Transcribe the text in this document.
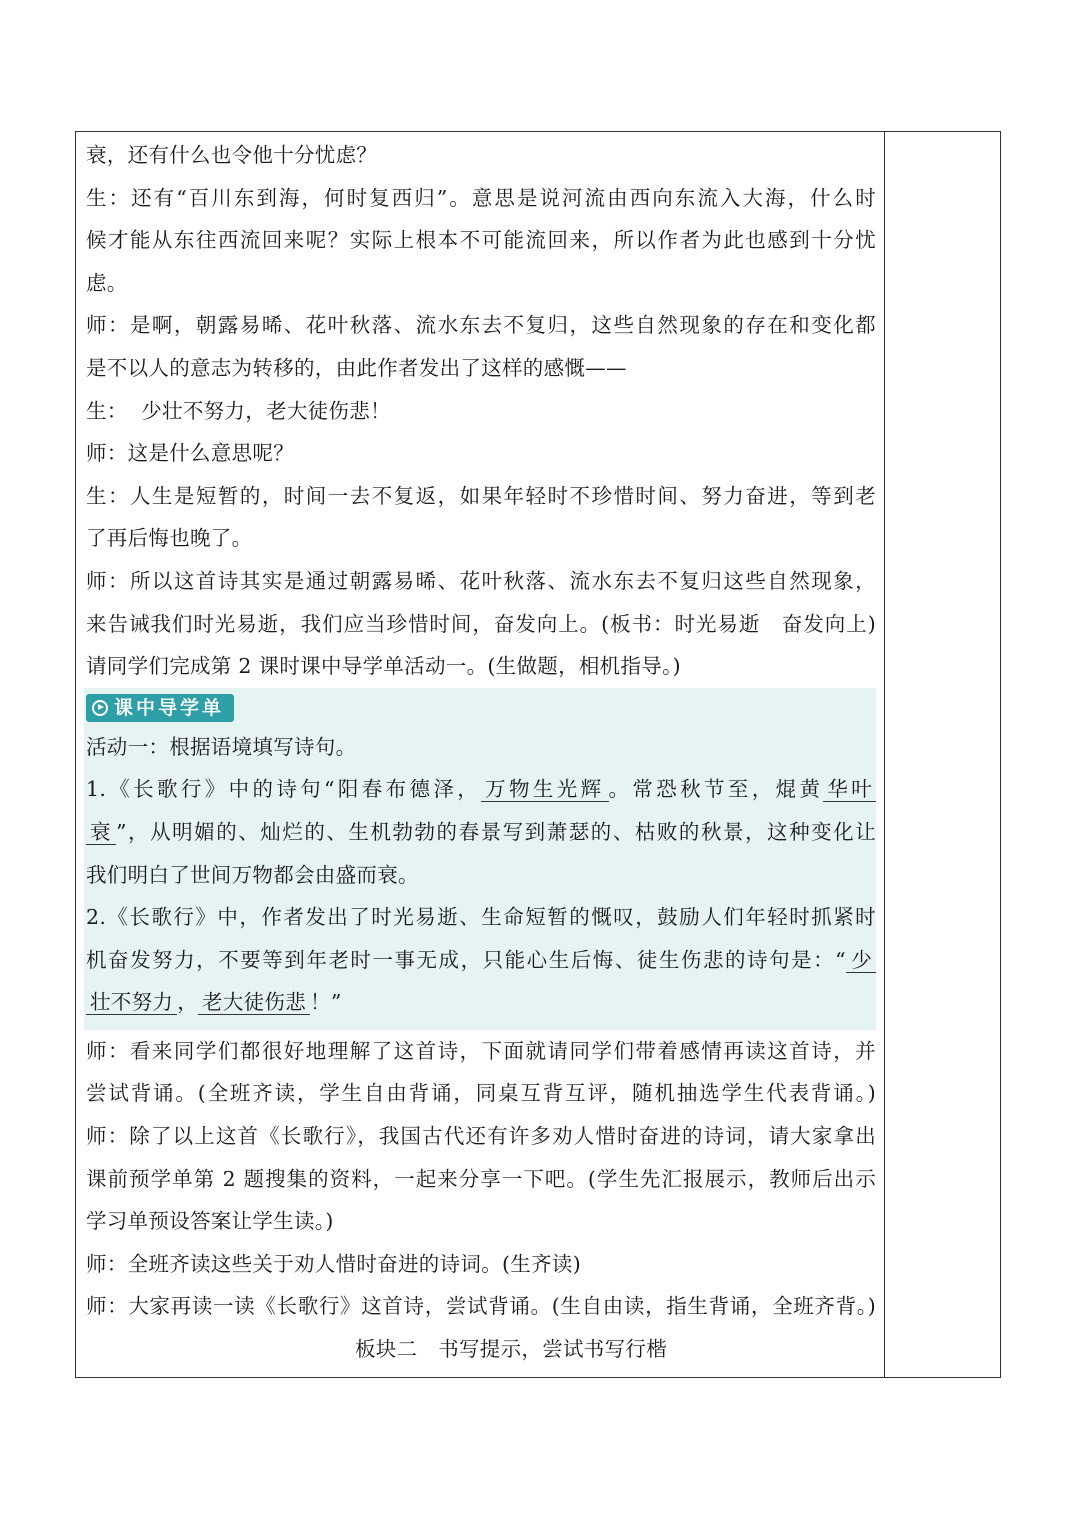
衰，还有什么也令他十分忧虑？
生：还有“百川东到海，何时复西归”。意思是说河流由西向东流入大海，什么时
候才能从东往西流回来呢？实际上根本不可能流回来，所以作者为此也感到十分忧
虑。
师：是啊，朝露易晞、花叶秋落、流水东去不复归，这些自然现象的存在和变化都
是不以人的意志为转移的，由此作者发出了这样的感慨——
生：  少壮不努力，老大徒伤悲！
师：这是什么意思呢？
生：人生是短暂的，时间一去不复返，如果年轻时不珍惜时间、努力奋进，等到老
了再后悔也晚了。
师：所以这首诗其实是通过朝露易晞、花叶秋落、流水东去不复归这些自然现象，
来告诫我们时光易逝，我们应当珍惜时间，奋发向上。(板书：时光易逝　奋发向上)
请同学们完成第 2 课时课中导学单活动一。(生做题，相机指导。)
课中导学单
活动一：根据语境填写诗句。
1.《长歌行》中的诗句“阳春布德泽， 万物生光辉 。常恐秋节至，焜黄 华叶
衰 ”，从明媚的、灿烂的、生机勃勃的春景写到萧瑟的、枯败的秋景，这种变化让
我们明白了世间万物都会由盛而衰。
2.《长歌行》中，作者发出了时光易逝、生命短暂的慨叹，鼓励人们年轻时抓紧时
机奋发努力，不要等到年老时一事无成，只能心生后悔、徒生伤悲的诗句是：“ 少
壮不努力 ， 老大徒伤悲 ！”
师：看来同学们都很好地理解了这首诗，下面就请同学们带着感情再读这首诗，并
尝试背诵。(全班齐读，学生自由背诵，同桌互背互评，随机抽选学生代表背诵。)
师：除了以上这首《长歌行》，我国古代还有许多劝人惜时奋进的诗词，请大家拿出
课前预学单第 2 题搜集的资料，一起来分享一下吧。(学生先汇报展示，教师后出示
学习单预设答案让学生读。)
师：全班齐读这些关于劝人惜时奋进的诗词。(生齐读)
师：大家再读一读《长歌行》这首诗，尝试背诵。(生自由读，指生背诵，全班齐背。)
板块二　书写提示，尝试书写行楷
